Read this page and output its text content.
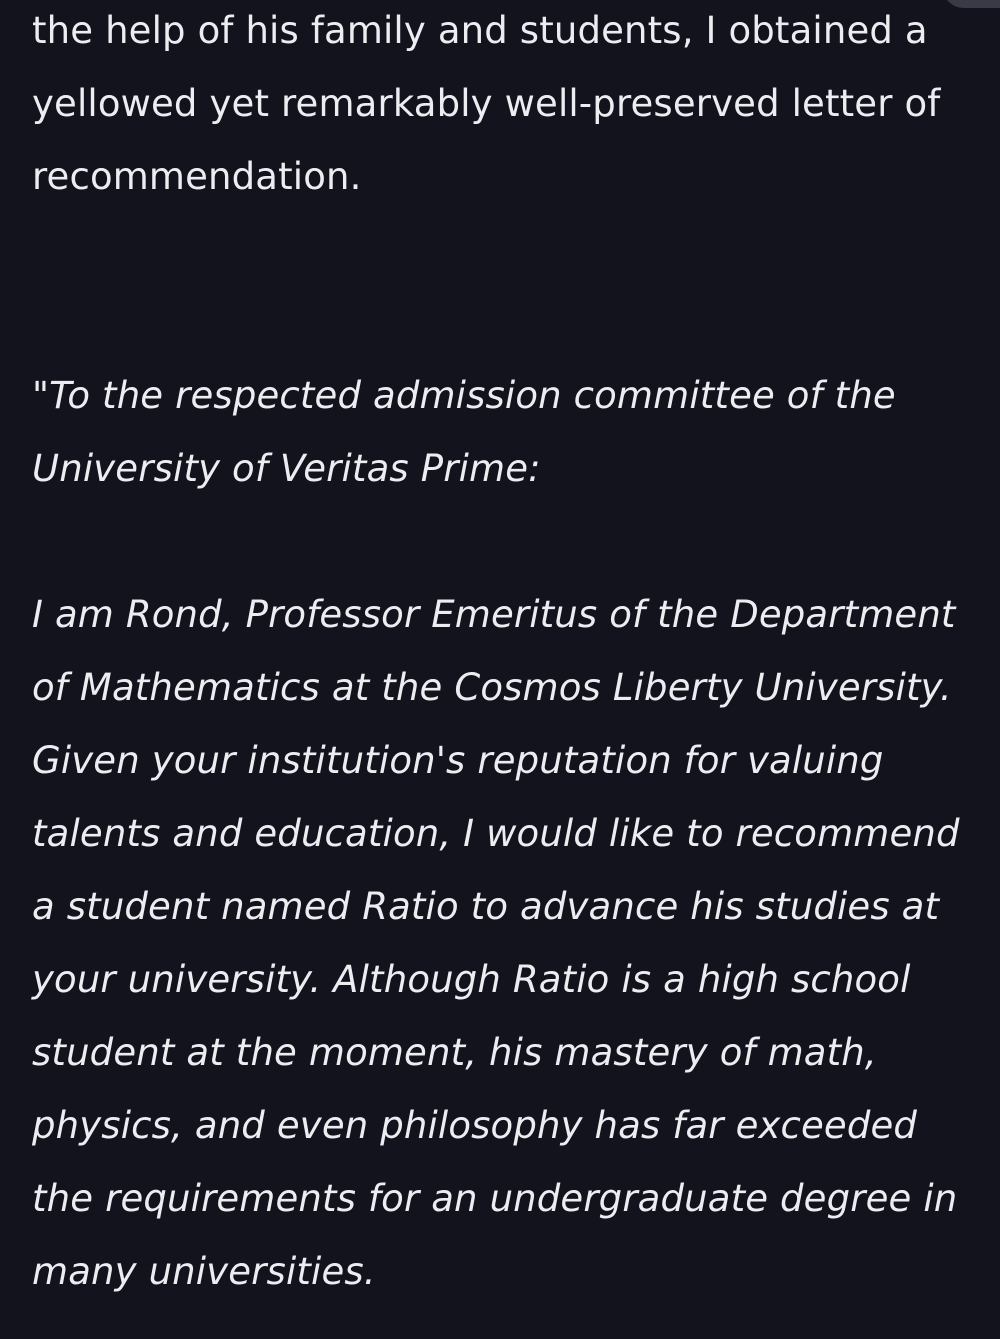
the help of his family and students, I obtained a

yellowed yet remarkably well-preserved letter of

recommendation.

"To the respected admission committee of the

University of Veritas Prime:

I am Rond, Professor Emeritus of the Department

of Mathematics at the Cosmos Liberty University.

Given your institution's reputation for valuing

talents and education, I would like to recommend

a student named Ratio to advance his studies at

your university. Although Ratio is a high school

student at the moment, his mastery of math,

physics, and even philosophy has far exceeded

the requirements for an undergraduate degree in

many universities.
